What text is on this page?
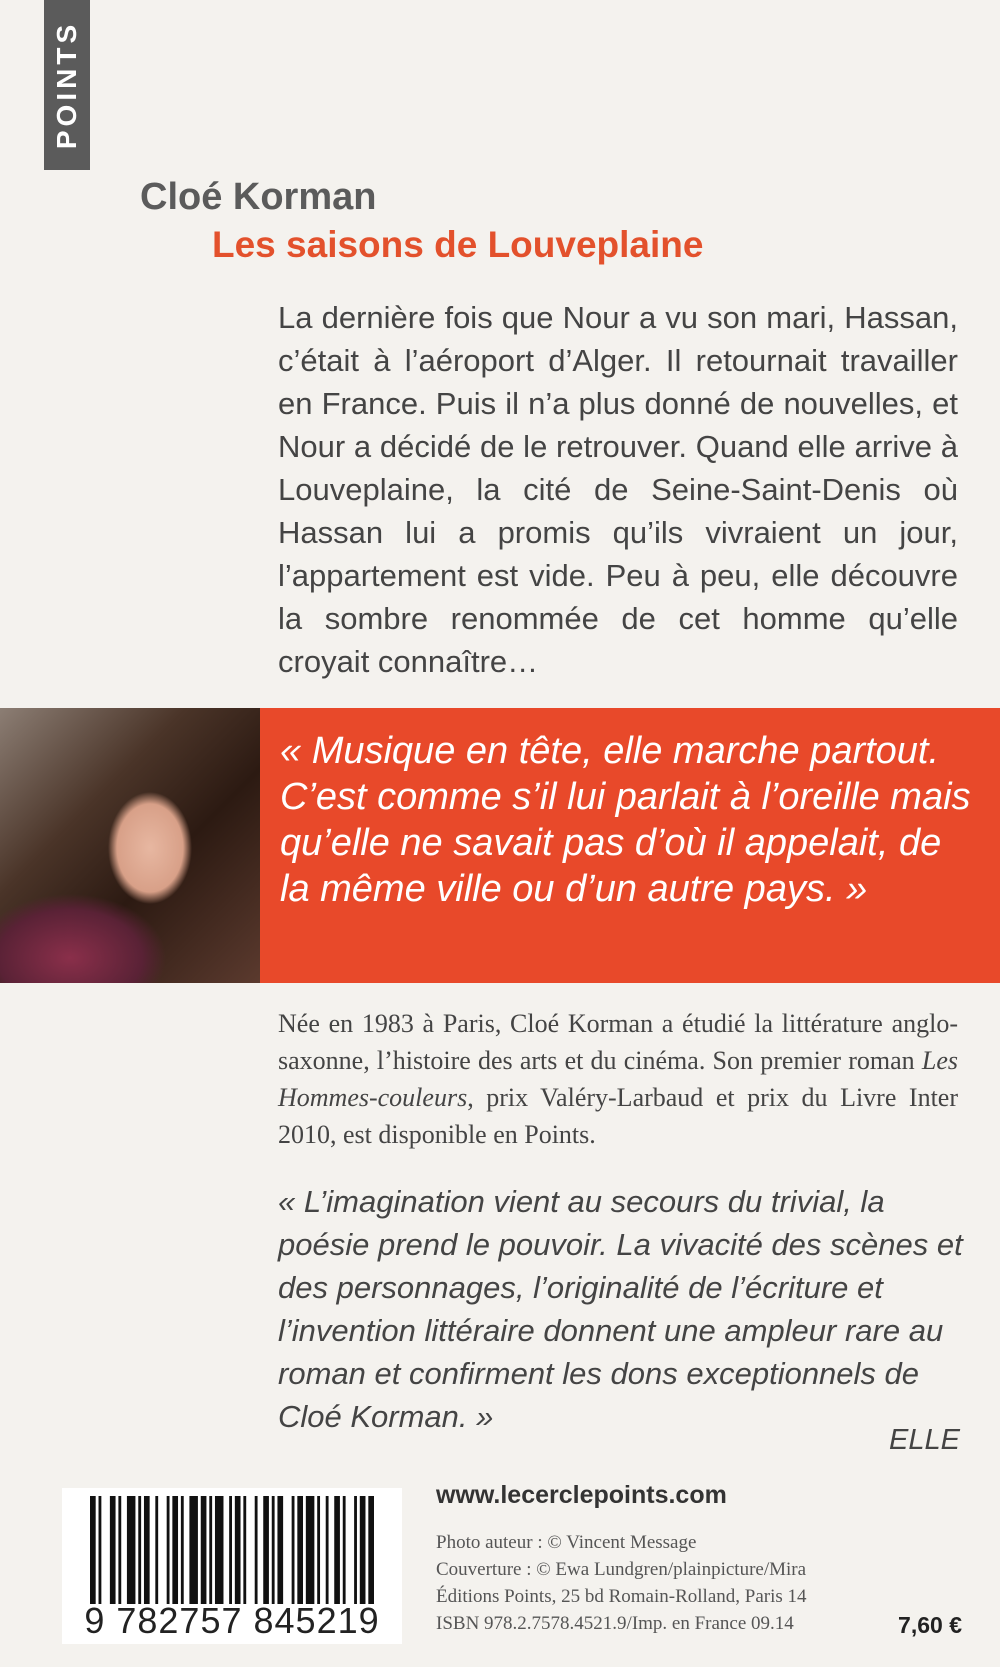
POINTS
Cloé Korman
Les saisons de Louveplaine

La dernière fois que Nour a vu son mari, Hassan, c’était à l’aéroport d’Alger. Il retournait travailler en France. Puis il n’a plus donné de nouvelles, et Nour a décidé de le retrouver. Quand elle arrive à Louveplaine, la cité de Seine-Saint-Denis où Hassan lui a promis qu’ils vivraient un jour, l’appartement est vide. Peu à peu, elle découvre la sombre renommée de cet homme qu’elle croyait connaître…

« Musique en tête, elle marche partout. C’est comme s’il lui parlait à l’oreille mais qu’elle ne savait pas d’où il appelait, de la même ville ou d’un autre pays. »

Née en 1983 à Paris, Cloé Korman a étudié la littérature anglo-saxonne, l’histoire des arts et du cinéma. Son premier roman Les Hommes-couleurs, prix Valéry-Larbaud et prix du Livre Inter 2010, est disponible en Points.

« L’imagination vient au secours du trivial, la poésie prend le pouvoir. La vivacité des scènes et des personnages, l’originalité de l’écriture et l’invention littéraire donnent une ampleur rare au roman et confirment les dons exceptionnels de Cloé Korman. »

ELLE
9 782757 845219
www.lecerclepoints.com
Photo auteur : © Vincent Message
Couverture : © Ewa Lundgren/plainpicture/Mira
Éditions Points, 25 bd Romain-Rolland, Paris 14
ISBN 978.2.7578.4521.9/Imp. en France 09.14	7,60 €
